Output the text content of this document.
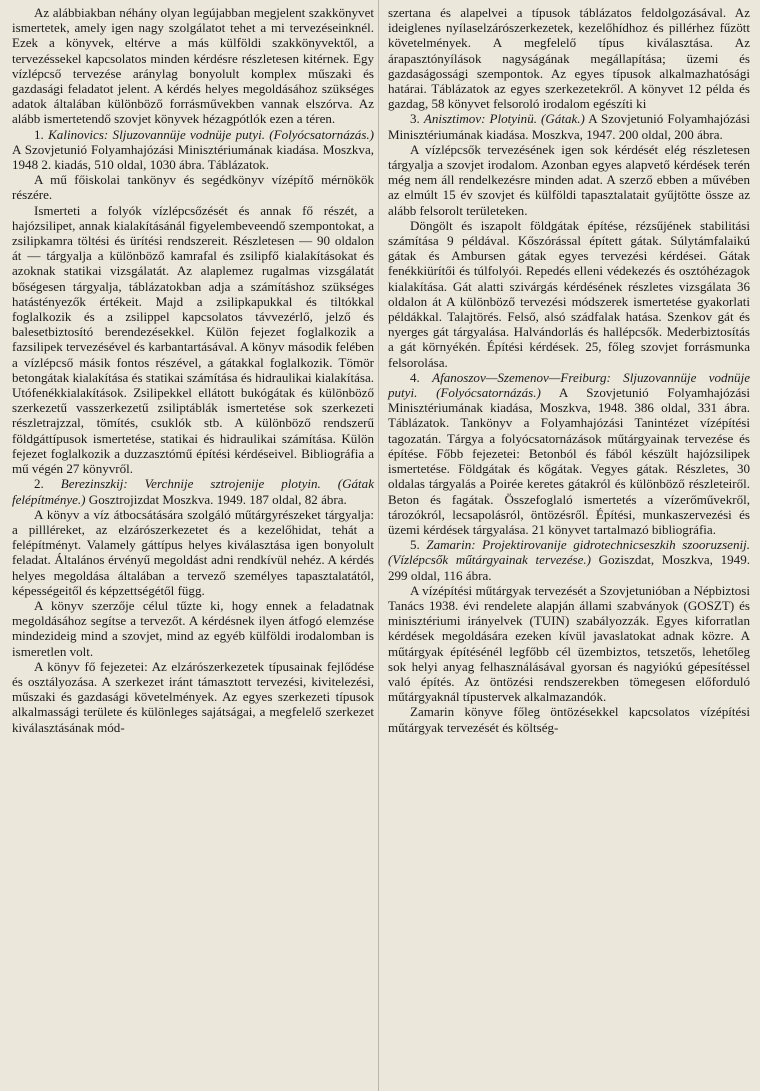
Az alábbiakban néhány olyan legújabban megjelent szakkönyvet ismertetek, amely igen nagy szolgálatot tehet a mi tervezéseinknél. Ezek a könyvek, eltérve a más külföldi szakkönyvektől, a tervezéssekel kapcsolatos minden kérdésre részletesen kitérnek. Egy vízlépcső tervezése aránylag bonyolult komplex műszaki és gazdasági feladatot jelent. A kérdés helyes megoldásához szükséges adatok általában különböző forrásművekben vannak elszórva. Az alább ismertetendő szovjet könyvek hézagpótlók ezen a téren.

1. Kalinovics: Sljuzovannüje vodnüje putyi. (Folyócsatornázás.) A Szovjetunió Folyamhajózási Minisztériumának kiadása. Moszkva, 1948 2. kiadás, 510 oldal, 1030 ábra. Táblázatok.

A mű főiskolai tankönyv és segédkönyv vízépítő mérnökök részére.

Ismerteti a folyók vízlépcsőzését és annak fő részét, a hajózsilipet, annak kialakításánál figyelembeveendő szempontokat, a zsilipkamra töltési és ürítési rendszereit. Részletesen — 90 oldalon át — tárgyalja a különböző kamrafal és zsilipfő kialakításokat és azoknak statikai vizsgálatát. Az alaplemez rugalmas vizsgálatát bőségesen tárgyalja, táblázatokban adja a számításhoz szükséges hatástényezők értékeit. Majd a zsilipkapukkal és tiltókkal foglalkozik és a zsilippel kapcsolatos távvezérlő, jelző és balesetbiztosító berendezésekkel. Külön fejezet foglalkozik a fazsilipek tervezésével és karbantartásával. A könyv második felében a vízlépcső másik fontos részével, a gátakkal foglalkozik. Tömör betongátak kialakítása és statikai számítása és hidraulikai kialakítása. Utófenékkialakítások. Zsilipekkel ellátott bukógátak és különböző szerkezetű vasszerkezetű zsiliptáblák ismertetése sok szerkezeti részletrajzzal, tömítés, csuklók stb. A különböző rendszerű földgáttípusok ismertetése, statikai és hidraulikai számítása. Külön fejezet foglalkozik a duzzasztómű építési kérdéseivel. Bibliográfia a mű végén 27 könyvről.

2. Berezinszkij: Verchnije sztrojenije plotyin. (Gátak felépítménye.) Gosztrojizdat Moszkva. 1949. 187 oldal, 82 ábra.

A könyv a víz átbocsátására szolgáló műtárgyrészeket tárgyalja: a pillléreket, az elzárószerkezetet és a kezelőhidat, tehát a felépítményt. Valamely gáttípus helyes kiválasztása igen bonyolult feladat. Általános érvényű megoldást adni rendkívül nehéz. A kérdés helyes megoldása általában a tervező személyes tapasztalatától, képességeitől és képzettségétől függ.

A könyv szerzője célul tűzte ki, hogy ennek a feladatnak megoldásához segítse a tervezőt. A kérdésnek ilyen átfogó elemzése mindezideig mind a szovjet, mind az egyéb külföldi irodalomban is ismeretlen volt.

A könyv fő fejezetei: Az elzárószerkezetek típusainak fejlődése és osztályozása. A szerkezet iránt támasztott tervezési, kivitelezési, műszaki és gazdasági követelmények. Az egyes szerkezeti típusok alkalmassági területe és különleges sajátságai, a megfelelő szerkezet kiválasztásának mód-

szertana és alapelvei a típusok táblázatos feldolgozásával. Az ideiglenes nyílaselzárószerkezetek, kezelőhídhoz és pillérhez fűzött követelmények. A megfelelő típus kiválasztása. Az árapasztónyílások nagyságának megállapítása; üzemi és gazdaságossági szempontok. Az egyes típusok alkalmazhatósági határai. Táblázatok az egyes szerkezetekről. A könyvet 12 példa és gazdag, 58 könyvet felsoroló irodalom egészíti ki

3. Anisztimov: Plotyinü. (Gátak.) A Szovjetunió Folyamhajózási Minisztériumának kiadása. Moszkva, 1947. 200 oldal, 200 ábra.

A vízlépcsők tervezésének igen sok kérdését elég részletesen tárgyalja a szovjet irodalom. Azonban egyes alapvető kérdések terén még nem áll rendelkezésre minden adat. A szerző ebben a művében az elmúlt 15 év szovjet és külföldi tapasztalatait gyűjtötte össze az alább felsorolt területeken.

Döngölt és iszapolt földgátak építése, rézsűjének stabilitási számítása 9 példával. Kőszórással épített gátak. Súlytámfalaikú gátak és Ambursen gátak egyes tervezési kérdései. Gátak fenékkiürítői és túlfolyói. Repedés elleni védekezés és osztóhézagok kialakítása. Gát alatti szivárgás kérdésének részletes vizsgálata 36 oldalon át A különböző tervezési módszerek ismertetése gyakorlati példákkal. Talajtörés. Felső, alsó szádfalak hatása. Szenkov gát és nyerges gát tárgyalása. Halvándorlás és hallépcsők. Mederbiztosítás a gát környékén. Építési kérdések. 25, főleg szovjet forrásmunka felsorolása.

4. Afanoszov—Szemenov—Freiburg: Sljuzovannüje vodnüje putyi. (Folyócsatornázás.) A Szovjetunió Folyamhajózási Minisztériumának kiadása, Moszkva, 1948. 386 oldal, 331 ábra. Táblázatok. Tankönyv a Folyamhajózási Tanintézet vízépítési tagozatán. Tárgya a folyócsatornázások műtárgyainak tervezése és építése. Főbb fejezetei: Betonból és fából készült hajózsilipek ismertetése. Földgátak és kőgátak. Vegyes gátak. Részletes, 30 oldalas tárgyalás a Poirée keretes gátakról és különböző részleteiről. Beton és fagátak. Összefoglaló ismertetés a vízerőművekről, tározókról, lecsapolásról, öntözésről. Építési, munkaszervezési és üzemi kérdések tárgyalása. 21 könyvet tartalmazó bibliográfia.

5. Zamarin: Projektirovanije gidrotechnicseszkih szooruzsenij. (Vízlépcsők műtárgyainak tervezése.) Goziszdat, Moszkva, 1949. 299 oldal, 116 ábra.

A vízépítési műtárgyak tervezését a Szovjetunióban a Népbiztosi Tanács 1938. évi rendelete alapján állami szabványok (GOSZT) és minisztériumi irányelvek (TUIN) szabályozzák. Egyes kiforratlan kérdések megoldására ezeken kívül javaslatokat adnak közre. A műtárgyak építésénél legfőbb cél üzembiztos, tetszetős, lehetőleg sok helyi anyag felhasználásával gyorsan és nagyiókú gépesítéssel való építés. Az öntözési rendszerekben tömegesen előforduló műtárgyaknál típustervek alkalmazandók.

Zamarin könyve főleg öntözésekkel kapcsolatos vízépítési műtárgyak tervezését és költség-
